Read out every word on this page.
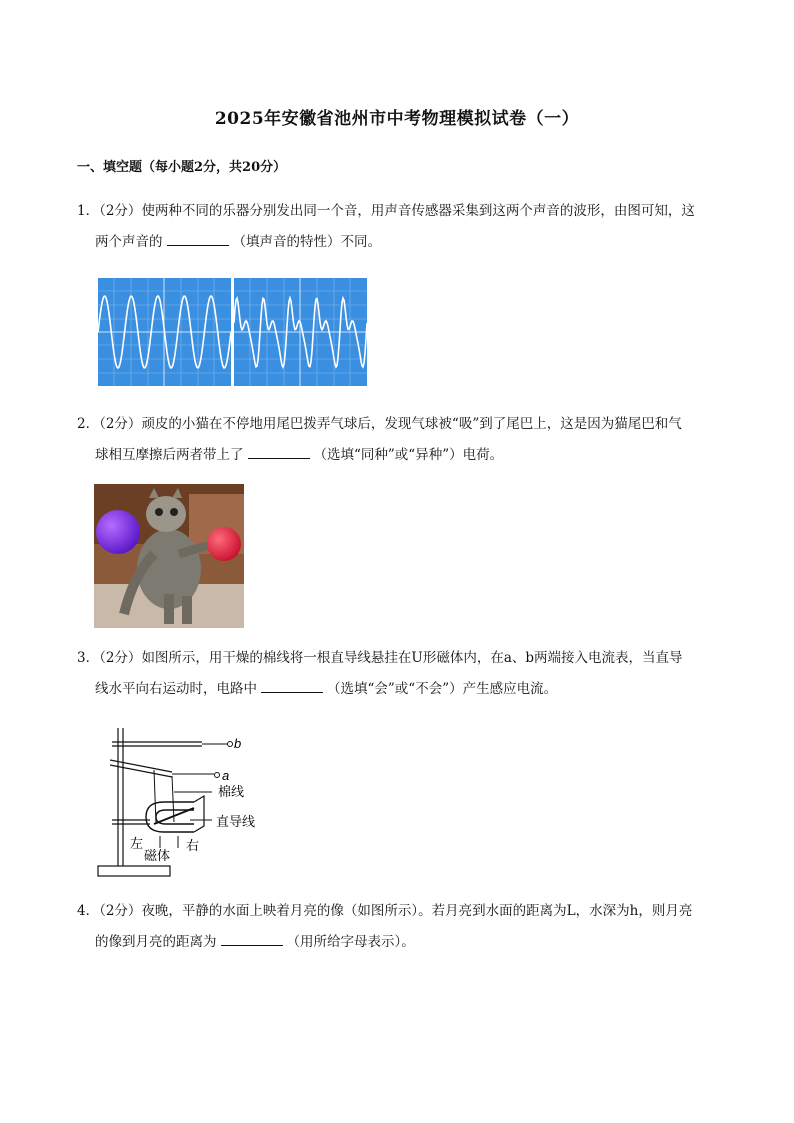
2025年安徽省池州市中考物理模拟试卷（一）
一、填空题（每小题2分，共20分）
1．（2分）使两种不同的乐器分别发出同一个音，用声音传感器采集到这两个声音的波形，由图可知，这
两个声音的	（填声音的特性）不同。
2．（2分）顽皮的小猫在不停地用尾巴拨弄气球后，发现气球被“吸”到了尾巴上，这是因为猫尾巴和气
球相互摩擦后两者带上了	（选填“同种”或“异种”）电荷。
3．（2分）如图所示，用干燥的棉线将一根直导线悬挂在U形磁体内，在a、b两端接入电流表，当直导
线水平向右运动时，电路中	（选填“会”或“不会”）产生感应电流。
b
a
棉线
直导线
左	右
磁体
4．（2分）夜晚，平静的水面上映着月亮的像（如图所示）。若月亮到水面的距离为L，水深为h，则月亮
的像到月亮的距离为	（用所给字母表示）。
